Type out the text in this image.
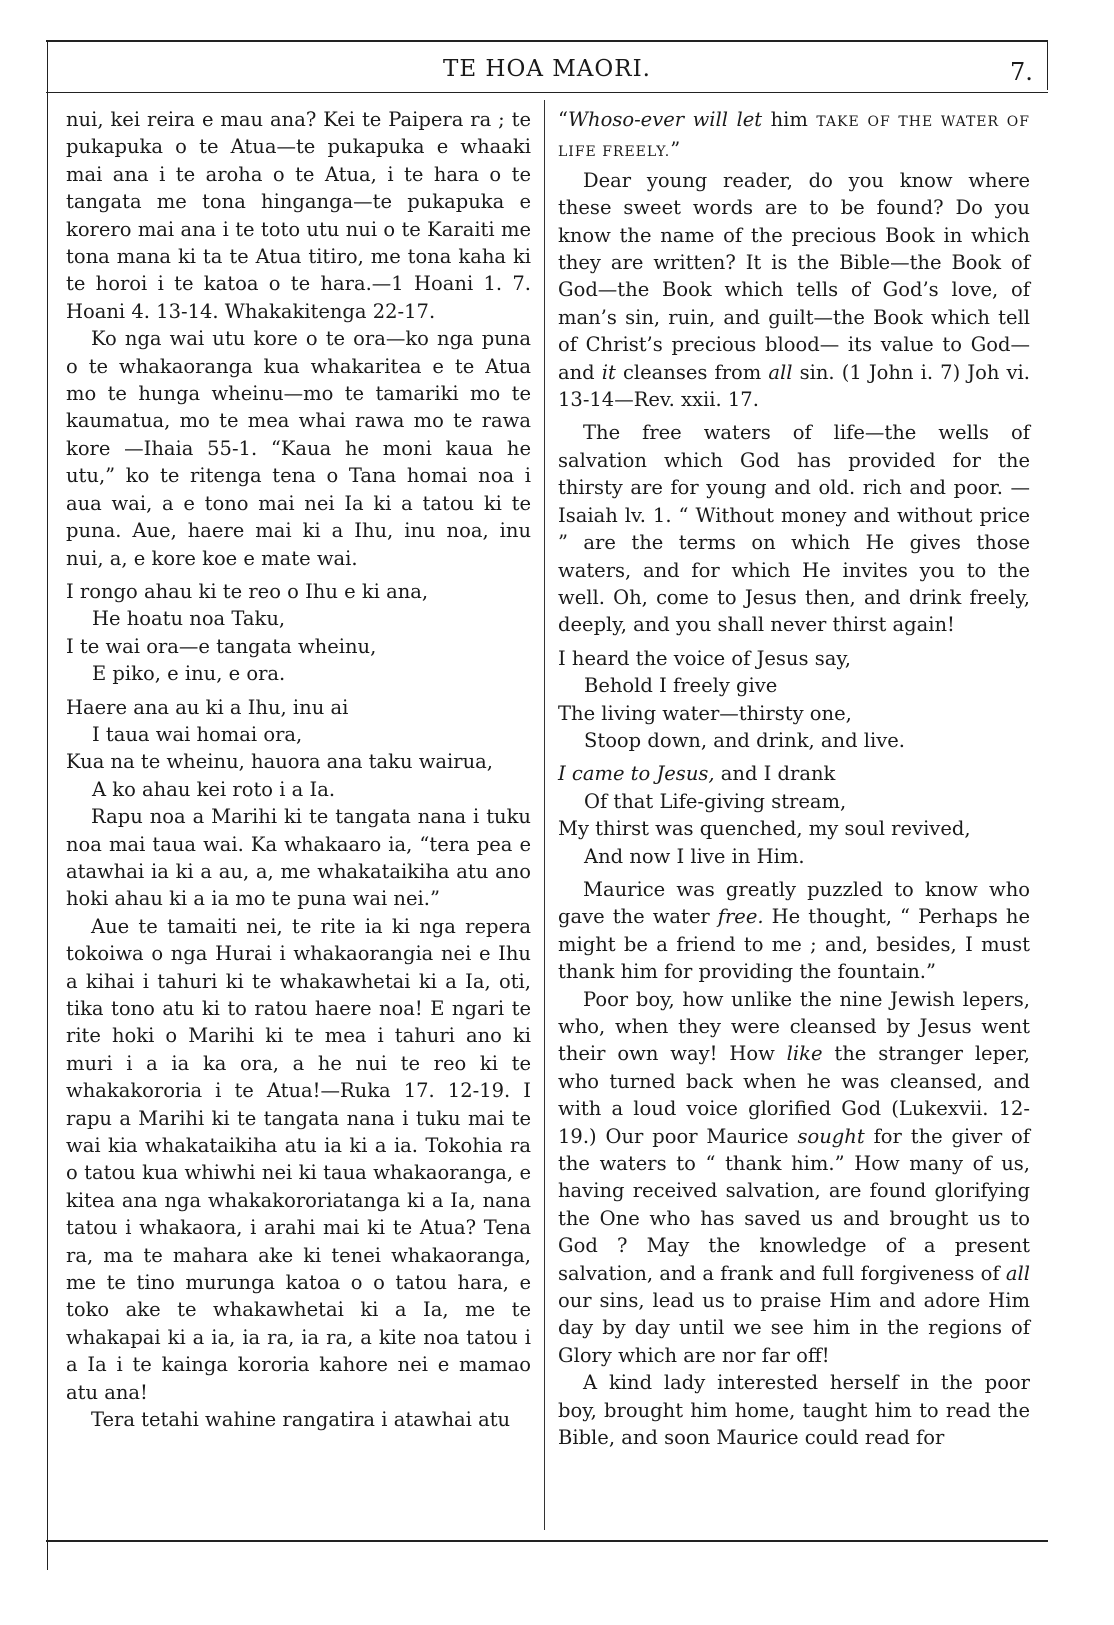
TE HOA MAORI.	7.

nui, kei reira e mau ana? Kei te Paipera ra ; te pukapuka o te Atua—te pukapuka e whaaki mai ana i te aroha o te Atua, i te hara o te tangata me tona hinganga—te pukapuka e korero mai ana i te toto utu nui o te Karaiti me tona mana ki ta te Atua titiro, me tona kaha ki te horoi i te katoa o te hara.—1 Hoani 1. 7. Hoani 4. 13-14. Whakakitenga 22-17.

Ko nga wai utu kore o te ora—ko nga puna o te whakaoranga kua whakaritea e te Atua mo te hunga wheinu—mo te tamariki mo te kaumatua, mo te mea whai rawa mo te rawa kore —Ihaia 55-1. “Kaua he moni kaua he utu,” ko te ritenga tena o Tana homai noa i aua wai, a e tono mai nei Ia ki a tatou ki te puna. Aue, haere mai ki a Ihu, inu noa, inu nui, a, e kore koe e mate wai.

I rongo ahau ki te reo o Ihu e ki ana,
He hoatu noa Taku,
I te wai ora—e tangata wheinu,
E piko, e inu, e ora.
Haere ana au ki a Ihu, inu ai
I taua wai homai ora,
Kua na te wheinu, hauora ana taku wairua,
A ko ahau kei roto i a Ia.

Rapu noa a Marihi ki te tangata nana i tuku noa mai taua wai. Ka whakaaro ia, “tera pea e atawhai ia ki a au, a, me whakataikiha atu ano hoki ahau ki a ia mo te puna wai nei.”

Aue te tamaiti nei, te rite ia ki nga repera tokoiwa o nga Hurai i whakaorangia nei e Ihu a kihai i tahuri ki te whakawhetai ki a Ia, oti, tika tono atu ki to ratou haere noa! E ngari te rite hoki o Marihi ki te mea i tahuri ano ki muri i a ia ka ora, a he nui te reo ki te whakakororia i te Atua!—Ruka 17. 12-19. I rapu a Marihi ki te tangata nana i tuku mai te wai kia whakataikiha atu ia ki a ia. Tokohia ra o tatou kua whiwhi nei ki taua whakaoranga, e kitea ana nga whakakororiatanga ki a Ia, nana tatou i whakaora, i arahi mai ki te Atua? Tena ra, ma te mahara ake ki tenei whakaoranga, me te tino murunga katoa o o tatou hara, e toko ake te whakawhetai ki a Ia, me te whakapai ki a ia, ia ra, ia ra, a kite noa tatou i a Ia i te kainga kororia kahore nei e mamao atu ana!

Tera tetahi wahine rangatira i atawhai atu

“Whoso-ever will let him TAKE OF THE WATER OF LIFE FREELY.”

Dear young reader, do you know where these sweet words are to be found? Do you know the name of the precious Book in which they are written? It is the Bible—the Book of God—the Book which tells of God’s love, of man’s sin, ruin, and guilt—the Book which tell of Christ’s precious blood— its value to God—and it cleanses from all sin. (1 John i. 7) Joh vi. 13-14—Rev. xxii. 17.

The free waters of life—the wells of salvation which God has provided for the thirsty are for young and old. rich and poor. —Isaiah lv. 1. “ Without money and without price ” are the terms on which He gives those waters, and for which He invites you to the well. Oh, come to Jesus then, and drink freely, deeply, and you shall never thirst again!

I heard the voice of Jesus say,
Behold I freely give
The living water—thirsty one,
Stoop down, and drink, and live.
I came to Jesus, and I drank
Of that Life-giving stream,
My thirst was quenched, my soul revived,
And now I live in Him.

Maurice was greatly puzzled to know who gave the water free. He thought, “ Perhaps he might be a friend to me ; and, besides, I must thank him for providing the fountain.”

Poor boy, how unlike the nine Jewish lepers, who, when they were cleansed by Jesus went their own way! How like the stranger leper, who turned back when he was cleansed, and with a loud voice glorified God (Lukexvii. 12-19.) Our poor Maurice sought for the giver of the waters to “ thank him.” How many of us, having received salvation, are found glorifying the One who has saved us and brought us to God ? May the knowledge of a present salvation, and a frank and full forgiveness of all our sins, lead us to praise Him and adore Him day by day until we see him in the regions of Glory which are nor far off!

A kind lady interested herself in the poor boy, brought him home, taught him to read the Bible, and soon Maurice could read for
